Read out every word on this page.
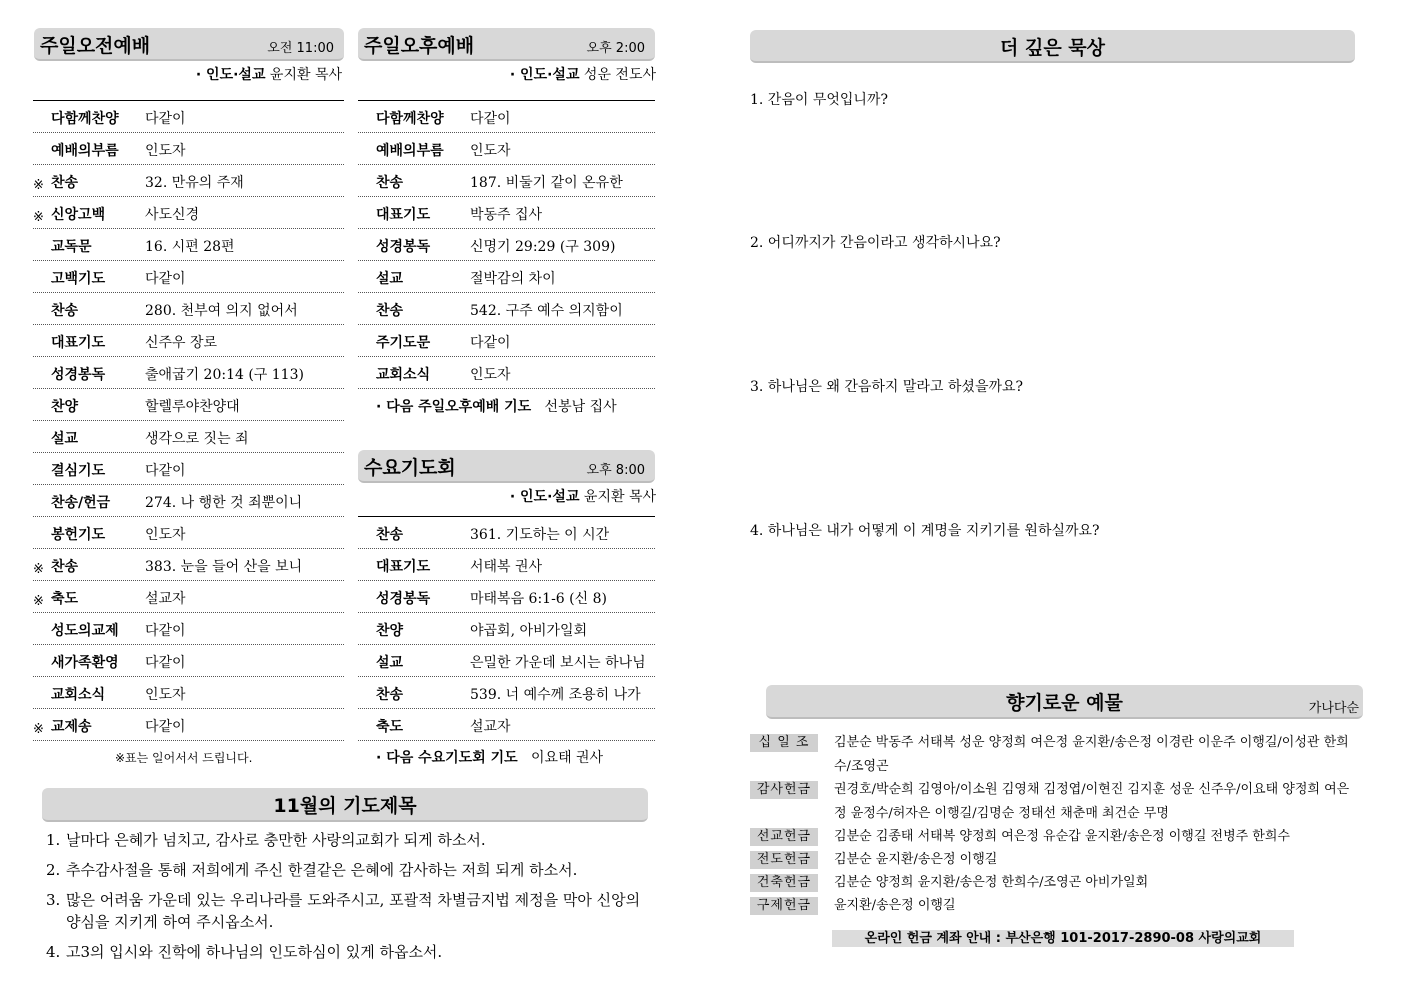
주일오전예배	오전 11:00
· 인도·설교 윤지환 목사
다함께찬양	다같이
예배의부름	인도자
※ 찬송	32. 만유의 주재
※ 신앙고백	사도신경
교독문	16. 시편 28편
고백기도	다같이
찬송	280. 천부여 의지 없어서
대표기도	신주우 장로
성경봉독	출애굽기 20:14 (구 113)
찬양	할렐루야찬양대
설교	생각으로 짓는 죄
결심기도	다같이
찬송/헌금	274. 나 행한 것 죄뿐이니
봉헌기도	인도자
※ 찬송	383. 눈을 들어 산을 보니
※ 축도	설교자
성도의교제	다같이
새가족환영	다같이
교회소식	인도자
※ 교제송	다같이
※표는 일어서서 드립니다.
주일오후예배	오후 2:00
· 인도·설교 성운 전도사
다함께찬양	다같이
예배의부름	인도자
찬송	187. 비둘기 같이 온유한
대표기도	박동주 집사
성경봉독	신명기 29:29 (구 309)
설교	절박감의 차이
찬송	542. 구주 예수 의지함이
주기도문	다같이
교회소식	인도자
· 다음 주일오후예배 기도 선봉남 집사
수요기도회	오후 8:00
· 인도·설교 윤지환 목사
찬송	361. 기도하는 이 시간
대표기도	서태복 권사
성경봉독	마태복음 6:1-6 (신 8)
찬양	야곱회, 아비가일회
설교	은밀한 가운데 보시는 하나님
찬송	539. 너 예수께 조용히 나가
축도	설교자
· 다음 수요기도회 기도 이요태 권사
11월의 기도제목
1. 날마다 은혜가 넘치고, 감사로 충만한 사랑의교회가 되게 하소서.
2. 추수감사절을 통해 저희에게 주신 한결같은 은혜에 감사하는 저희 되게 하소서.
3. 많은 어려움 가운데 있는 우리나라를 도와주시고, 포괄적 차별금지법 제정을 막아 신앙의 양심을 지키게 하여 주시옵소서.
4. 고3의 입시와 진학에 하나님의 인도하심이 있게 하옵소서.
더 깊은 묵상
1. 간음이 무엇입니까?
2. 어디까지가 간음이라고 생각하시나요?
3. 하나님은 왜 간음하지 말라고 하셨을까요?
4. 하나님은 내가 어떻게 이 계명을 지키기를 원하실까요?
향기로운 예물	가나다순
십 일 조	김분순 박동주 서태복 성운 양정희 여은정 윤지환/송은정 이경란 이운주 이행길/이성관 한희수/조영곤
감사헌금	권경호/박순희 김영아/이소원 김영채 김정엽/이현진 김지훈 성운 신주우/이요태 양정희 여은정 윤정수/허자은 이행길/김명순 정태선 채춘매 최건순 무명
선교헌금	김분순 김종태 서태복 양정희 여은정 유순갑 윤지환/송은정 이행길 전병주 한희수
전도헌금	김분순 윤지환/송은정 이행길
건축헌금	김분순 양정희 윤지환/송은정 한희수/조영곤 아비가일회
구제헌금	윤지환/송은정 이행길
온라인 헌금 계좌 안내 : 부산은행 101-2017-2890-08 사랑의교회
